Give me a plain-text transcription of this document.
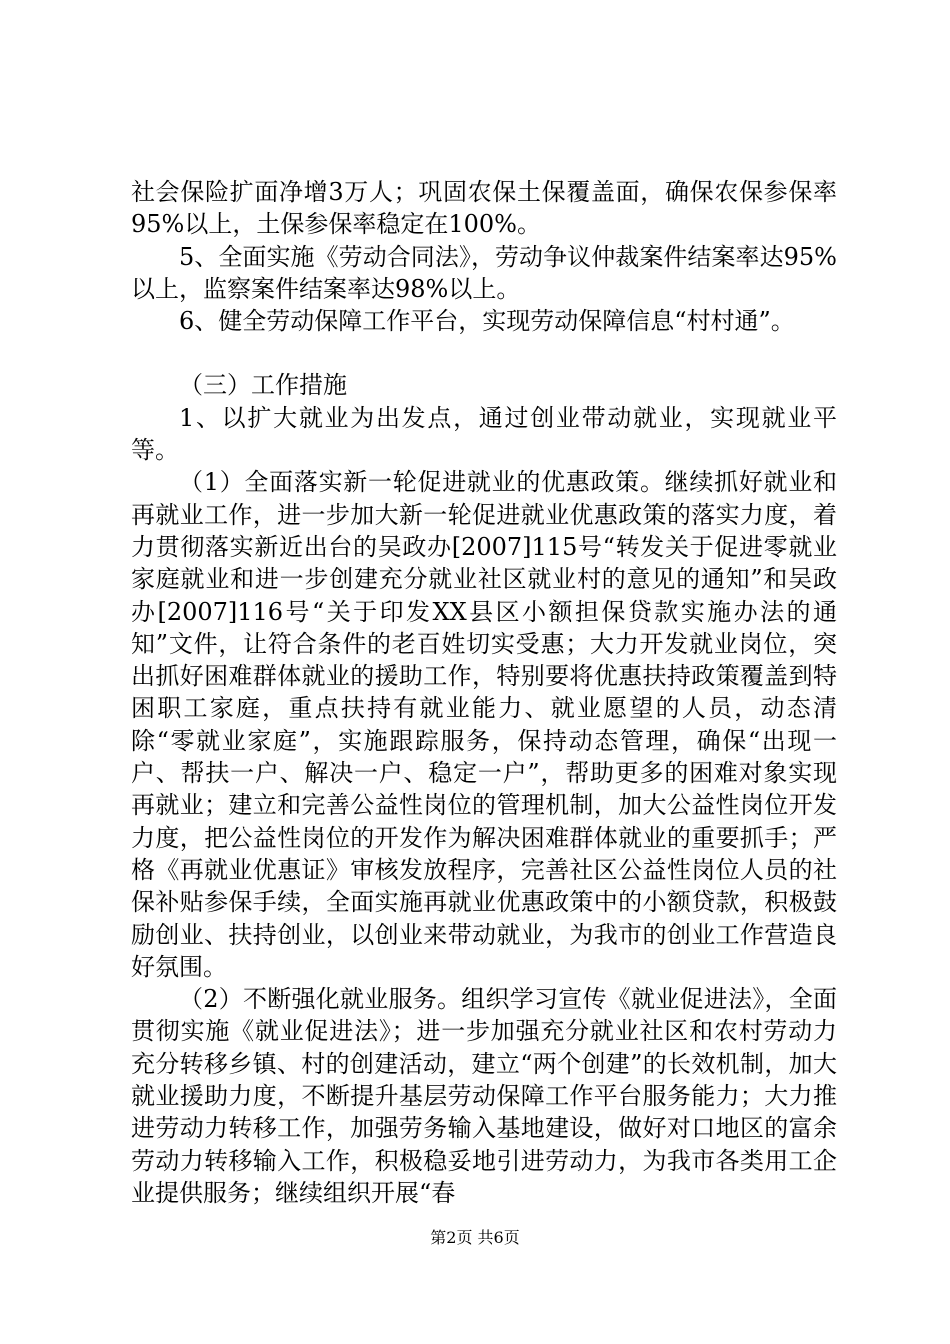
社会保险扩面净增3万人；巩固农保土保覆盖面，确保农保参保率95%以上，土保参保率稳定在100%。

5、全面实施《劳动合同法》，劳动争议仲裁案件结案率达95%以上，监察案件结案率达98%以上。

6、健全劳动保障工作平台，实现劳动保障信息“村村通”。

（三）工作措施

1、以扩大就业为出发点，通过创业带动就业，实现就业平等。

（1）全面落实新一轮促进就业的优惠政策。继续抓好就业和再就业工作，进一步加大新一轮促进就业优惠政策的落实力度，着力贯彻落实新近出台的吴政办[2007]115号“转发关于促进零就业家庭就业和进一步创建充分就业社区就业村的意见的通知”和吴政办[2007]116号“关于印发XX县区小额担保贷款实施办法的通知”文件，让符合条件的老百姓切实受惠；大力开发就业岗位，突出抓好困难群体就业的援助工作，特别要将优惠扶持政策覆盖到特困职工家庭，重点扶持有就业能力、就业愿望的人员，动态清除“零就业家庭”，实施跟踪服务，保持动态管理，确保“出现一户、帮扶一户、解决一户、稳定一户”，帮助更多的困难对象实现再就业；建立和完善公益性岗位的管理机制，加大公益性岗位开发力度，把公益性岗位的开发作为解决困难群体就业的重要抓手；严格《再就业优惠证》审核发放程序，完善社区公益性岗位人员的社保补贴参保手续，全面实施再就业优惠政策中的小额贷款，积极鼓励创业、扶持创业，以创业来带动就业，为我市的创业工作营造良好氛围。

（2）不断强化就业服务。组织学习宣传《就业促进法》，全面贯彻实施《就业促进法》；进一步加强充分就业社区和农村劳动力充分转移乡镇、村的创建活动，建立“两个创建”的长效机制，加大就业援助力度，不断提升基层劳动保障工作平台服务能力；大力推进劳动力转移工作，加强劳务输入基地建设，做好对口地区的富余劳动力转移输入工作，积极稳妥地引进劳动力，为我市各类用工企业提供服务；继续组织开展“春

第2页 共6页
